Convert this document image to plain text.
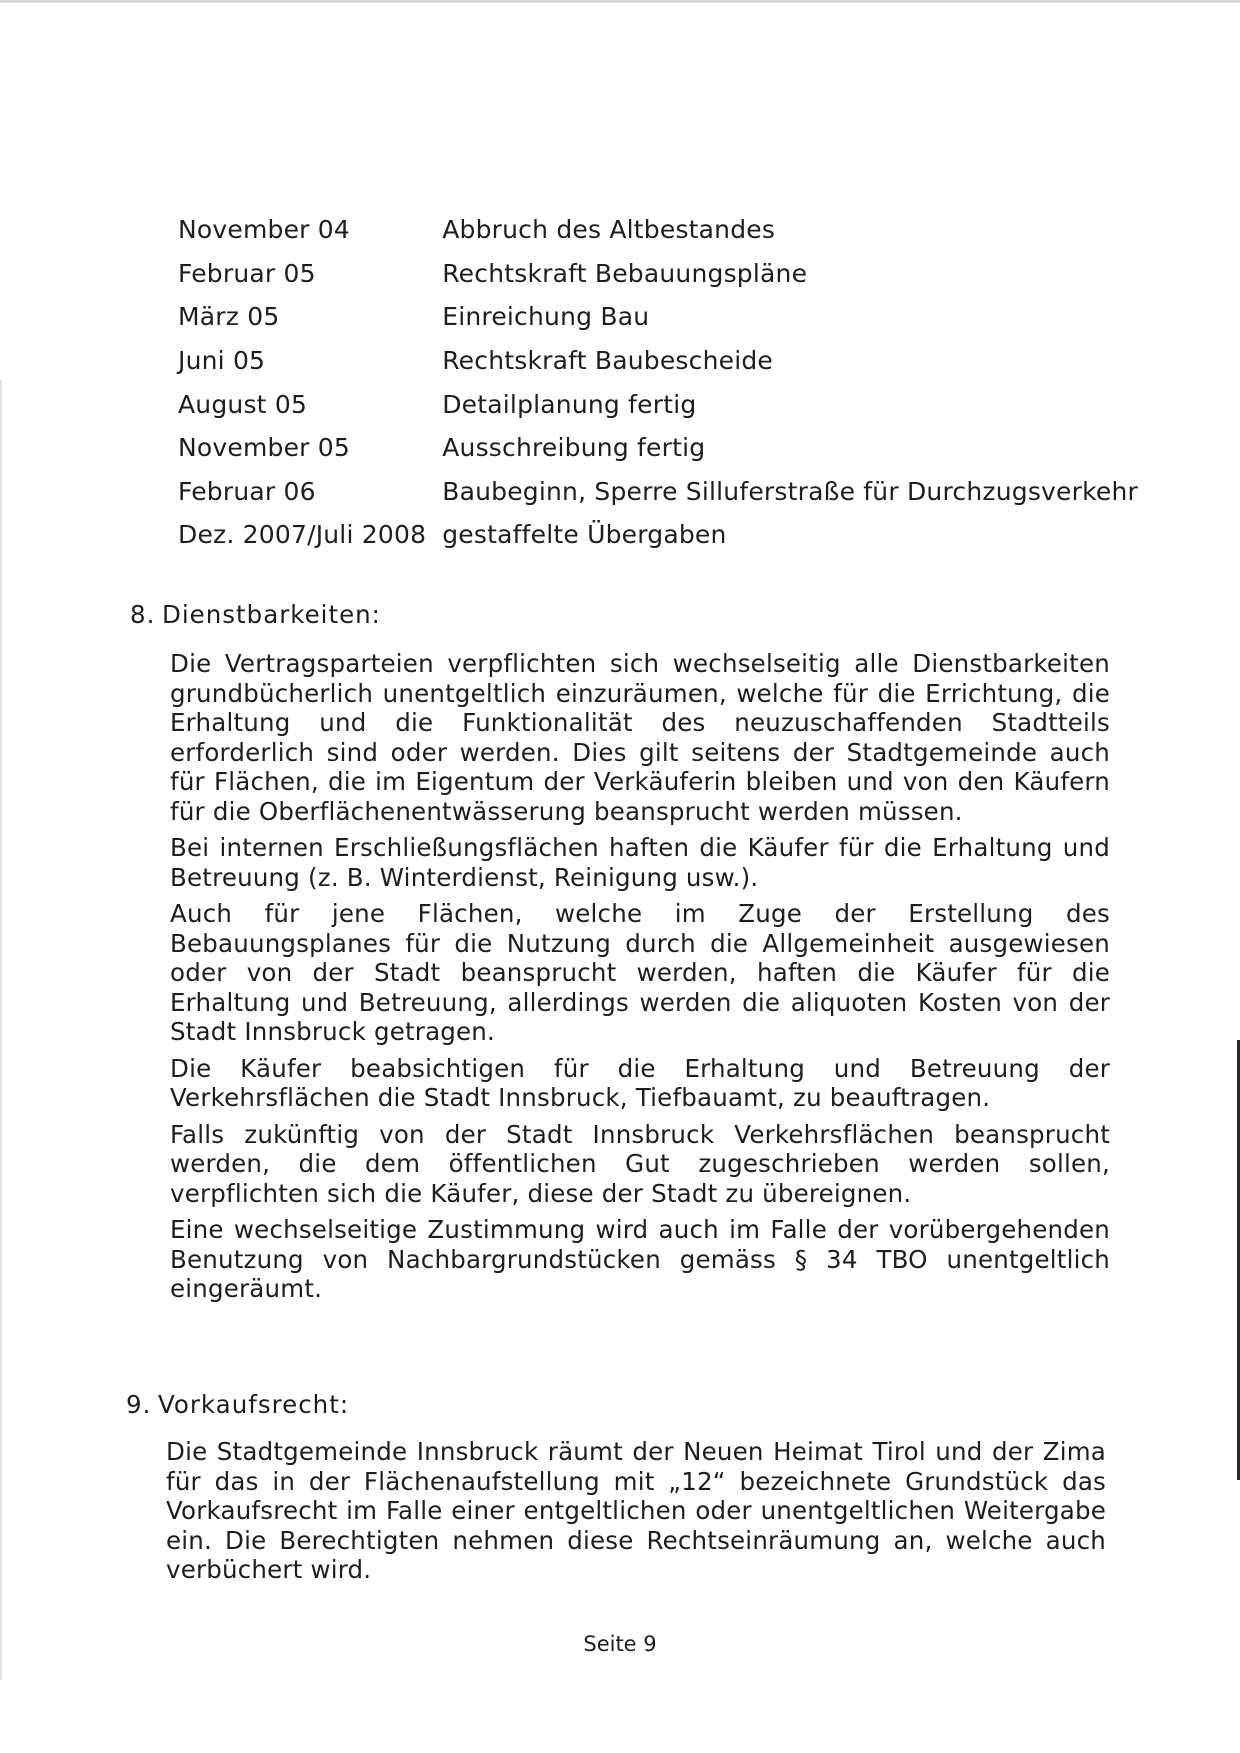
November 04	Abbruch des Altbestandes
Februar 05	Rechtskraft Bebauungspläne
März 05	Einreichung Bau
Juni 05	Rechtskraft Baubescheide
August 05	Detailplanung fertig
November 05	Ausschreibung fertig
Februar 06	Baubeginn, Sperre Silluferstraße für Durchzugsverkehr
Dez. 2007/Juli 2008	gestaffelte Übergaben
8. Dienstbarkeiten:

Die Vertragsparteien verpflichten sich wechselseitig alle Dienstbarkeiten grundbücherlich unentgeltlich einzuräumen, welche für die Errichtung, die Erhaltung und die Funktionalität des neuzuschaffenden Stadtteils erforderlich sind oder werden. Dies gilt seitens der Stadtgemeinde auch für Flächen, die im Eigentum der Verkäuferin bleiben und von den Käufern für die Oberflächenentwässerung beansprucht werden müssen.

Bei internen Erschließungsflächen haften die Käufer für die Erhaltung und Betreuung (z. B. Winterdienst, Reinigung usw.).

Auch für jene Flächen, welche im Zuge der Erstellung des Bebauungsplanes für die Nutzung durch die Allgemeinheit ausgewiesen oder von der Stadt beansprucht werden, haften die Käufer für die Erhaltung und Betreuung, allerdings werden die aliquoten Kosten von der Stadt Innsbruck getragen.

Die Käufer beabsichtigen für die Erhaltung und Betreuung der Verkehrsflächen die Stadt Innsbruck, Tiefbauamt, zu beauftragen.

Falls zukünftig von der Stadt Innsbruck Verkehrsflächen beansprucht werden, die dem öffentlichen Gut zugeschrieben werden sollen, verpflichten sich die Käufer, diese der Stadt zu übereignen.

Eine wechselseitige Zustimmung wird auch im Falle der vorübergehenden Benutzung von Nachbargrundstücken gemäss § 34 TBO unentgeltlich eingeräumt.

9. Vorkaufsrecht:

Die Stadtgemeinde Innsbruck räumt der Neuen Heimat Tirol und der Zima für das in der Flächenaufstellung mit „12“ bezeichnete Grundstück das Vorkaufsrecht im Falle einer entgeltlichen oder unentgeltlichen Weitergabe ein. Die Berechtigten nehmen diese Rechtseinräumung an, welche auch verbüchert wird.

Seite 9
